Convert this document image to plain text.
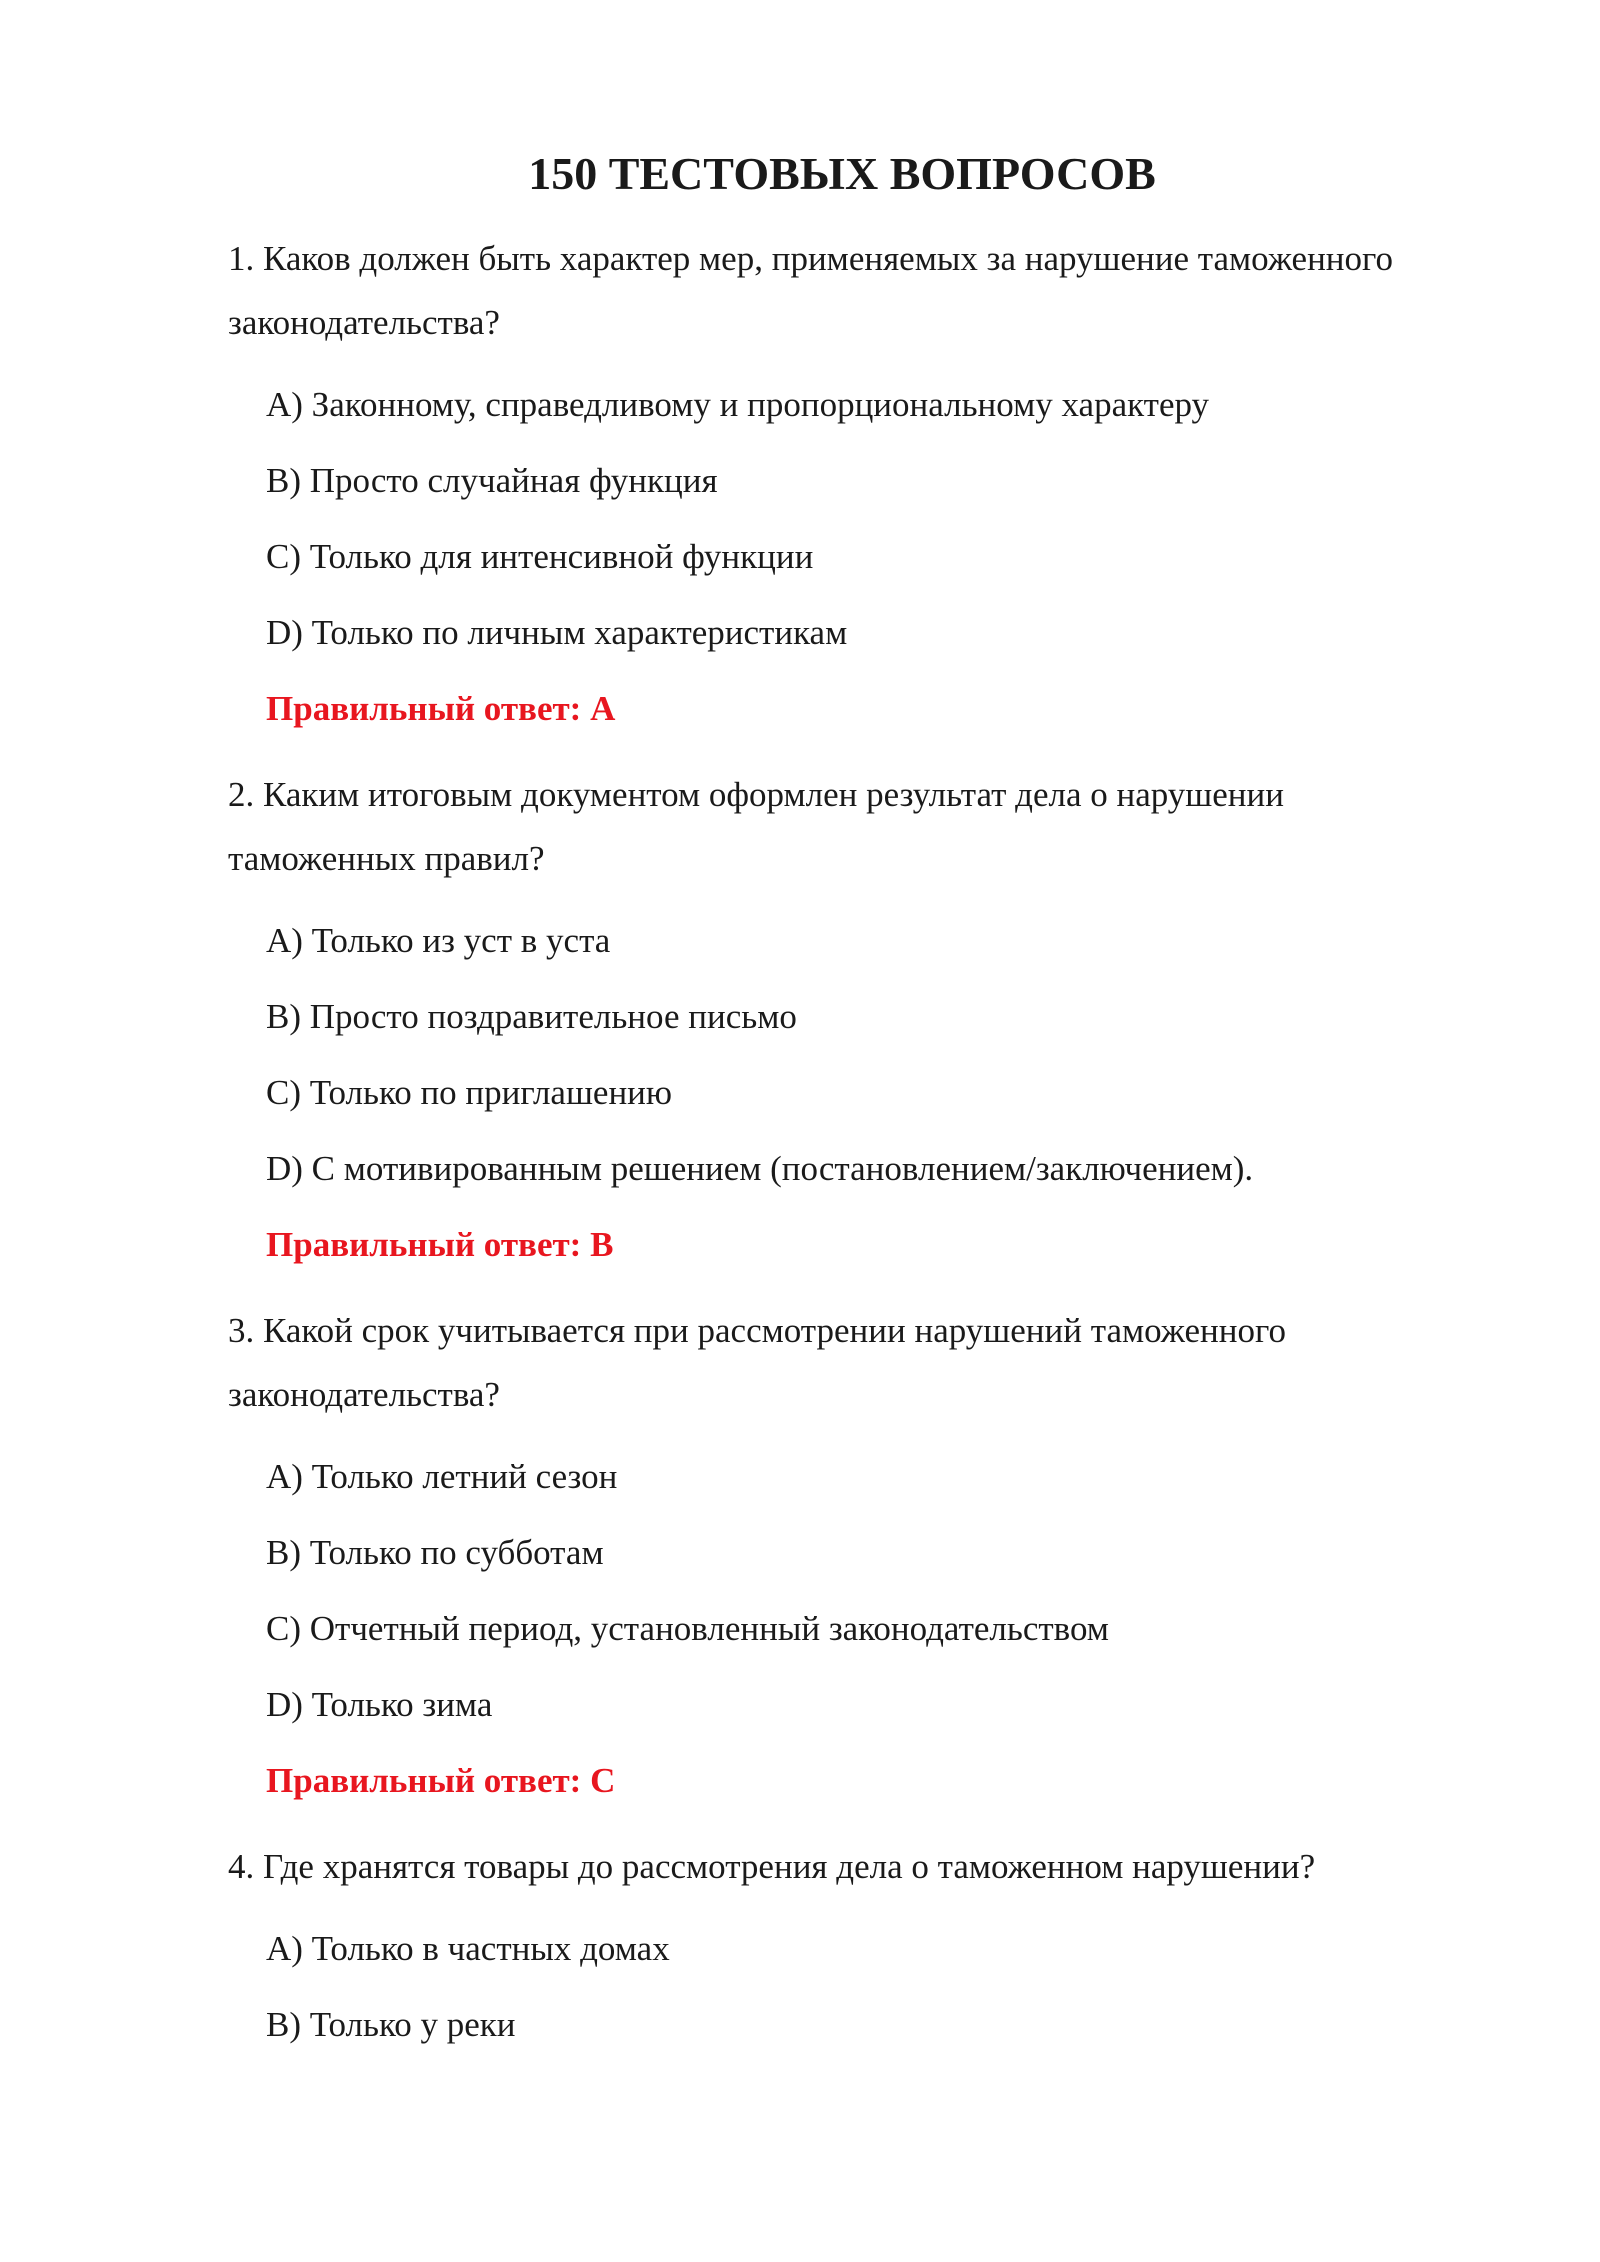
150 ТЕСТОВЫХ ВОПРОСОВ

1. Каков должен быть характер мер, применяемых за нарушение таможенного законодательства?

A) Законному, справедливому и пропорциональному характеру
B) Просто случайная функция
C) Только для интенсивной функции
D) Только по личным характеристикам
Правильный ответ: A

2. Каким итоговым документом оформлен результат дела о нарушении таможенных правил?

A) Только из уст в уста
B) Просто поздравительное письмо
C) Только по приглашению
D) С мотивированным решением (постановлением/заключением).
Правильный ответ: B

3. Какой срок учитывается при рассмотрении нарушений таможенного законодательства?

A) Только летний сезон
B) Только по субботам
C) Отчетный период, установленный законодательством
D) Только зима
Правильный ответ: C

4. Где хранятся товары до рассмотрения дела о таможенном нарушении?

A) Только в частных домах
B) Только у реки
